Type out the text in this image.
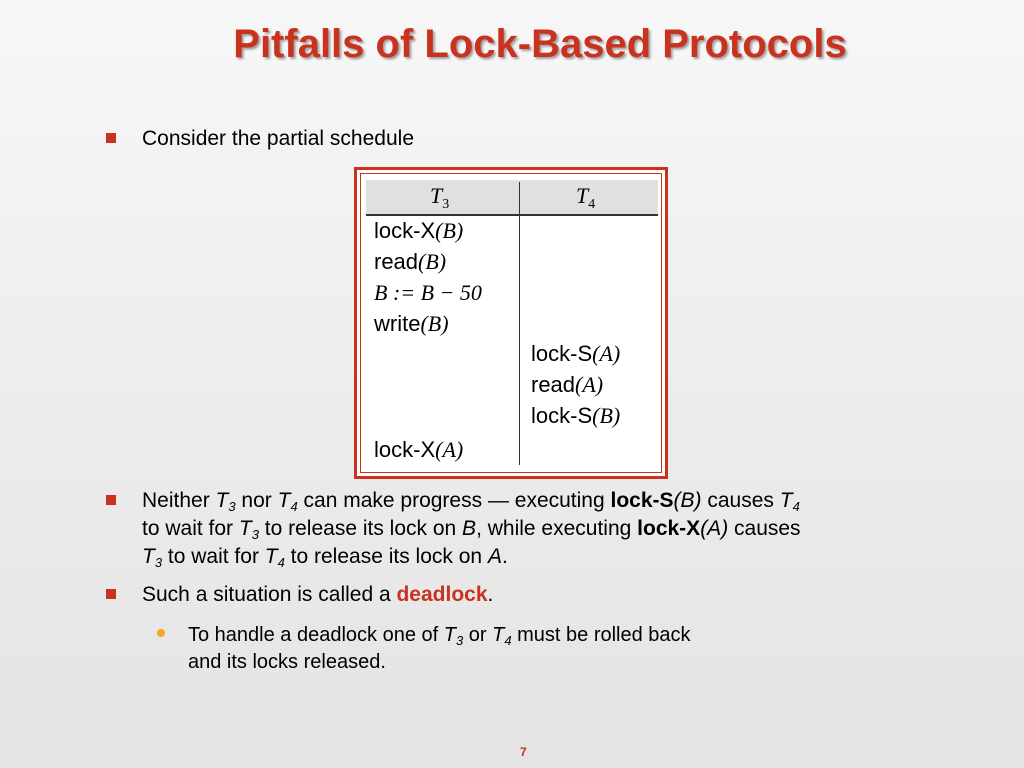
Pitfalls of Lock-Based Protocols
Consider the partial schedule
$T_3$	$T_4$
lock-X(B)
read(B)
B := B − 50
write(B)
lock-X(A)
lock-S(A)
read(A)
lock-S(B)
Neither $T_3$ nor $T_4$ can make progress — executing lock-S(B) causes $T_4$
to wait for $T_3$ to release its lock on B, while executing lock-X(A) causes
$T_3$ to wait for $T_4$ to release its lock on A.
Such a situation is called a deadlock.
To handle a deadlock one of $T_3$ or $T_4$ must be rolled back
and its locks released.
7
